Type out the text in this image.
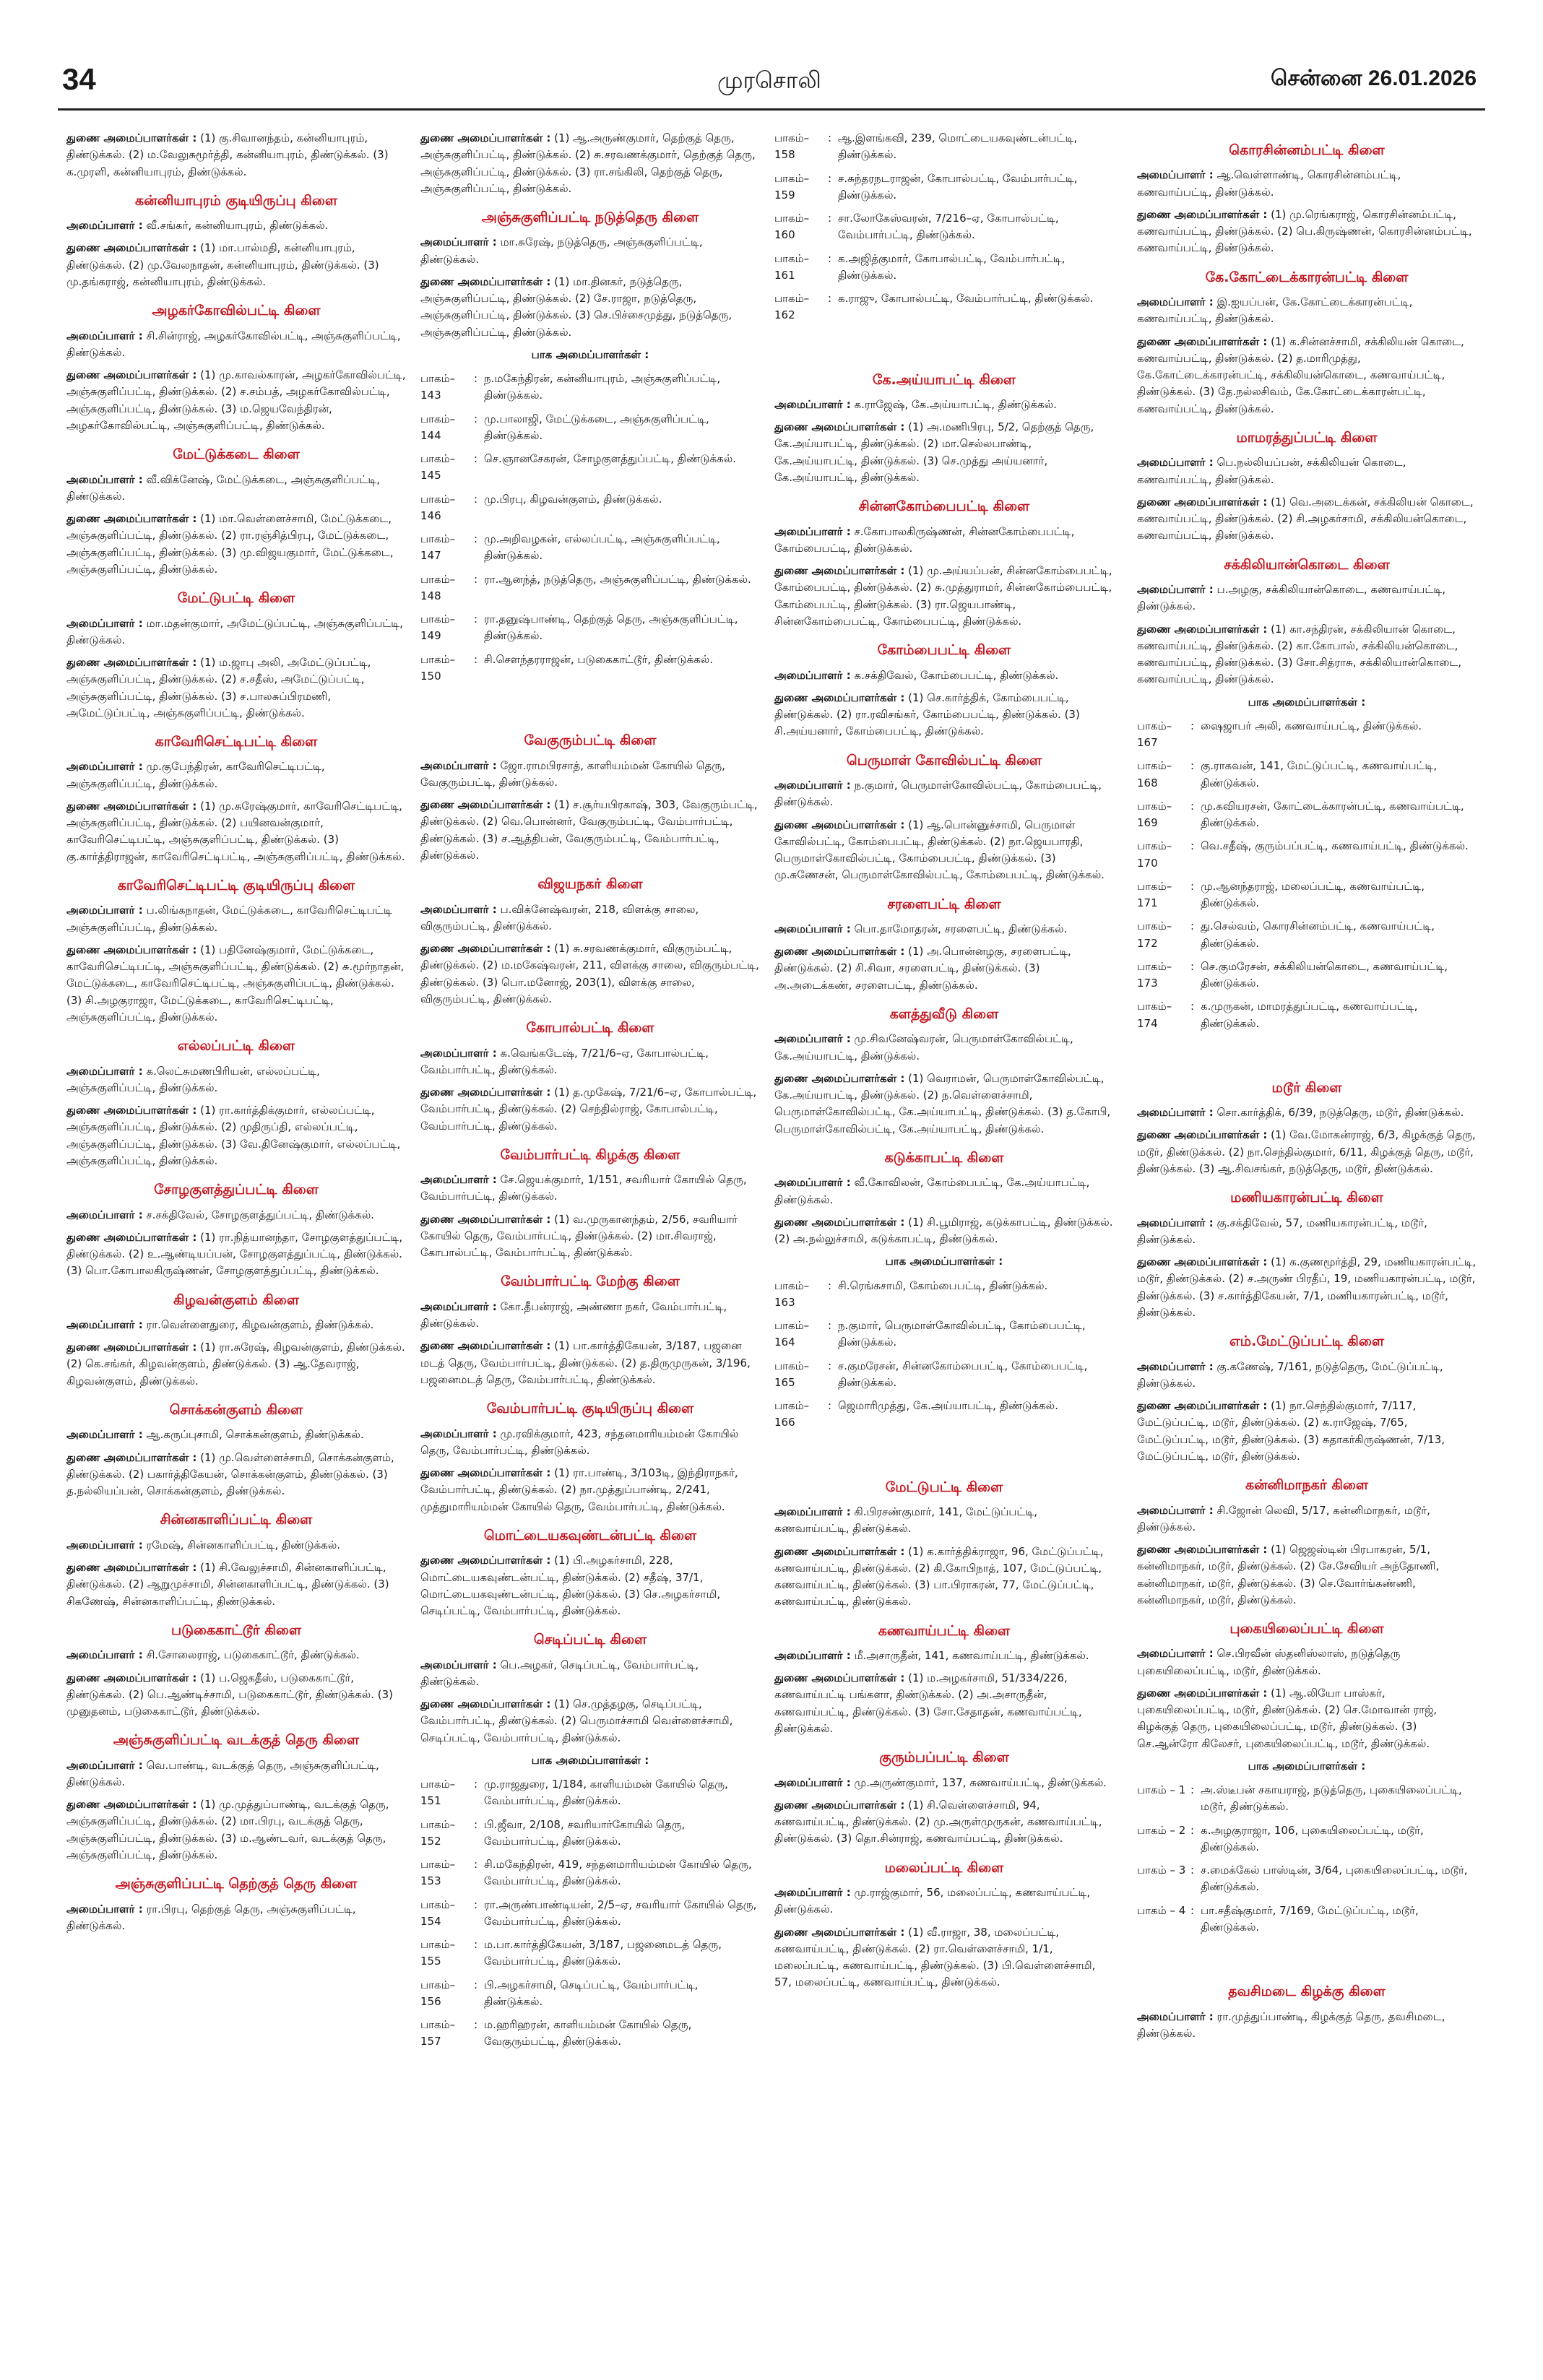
34	முரசொலி	சென்னை 26.01.2026
துணை அமைப்பாளர்கள் : (1) கு.சிவானந்தம், கன்னியாபுரம், திண்டுக்கல். (2) ம.வேலுசுமூர்த்தி, கன்னியாபுரம், திண்டுக்கல். (3) க.முரளி, கன்னியாபுரம், திண்டுக்கல்.
கன்னியாபுரம் குடியிருப்பு கிளை
அமைப்பாளர் : வீ.சங்கர், கன்னியாபுரம், திண்டுக்கல்.
துணை அமைப்பாளர்கள் : (1) மா.பால்மதி, கன்னியாபுரம், திண்டுக்கல். (2) மு.வேலநாதன், கன்னியாபுரம், திண்டுக்கல். (3) மு.தங்கராஜ், கன்னியாபுரம், திண்டுக்கல்.
அழகர்கோவில்பட்டி கிளை
அமைப்பாளர் : சி.சின்ராஜ், அழகர்கோவில்பட்டி, அஞ்சுகுளிப்பட்டி, திண்டுக்கல்.
துணை அமைப்பாளர்கள் : (1) மு.காவல்காரன், அழகர்கோவில்பட்டி, அஞ்சுகுளிப்பட்டி, திண்டுக்கல். (2) ச.சம்பத், அழகர்கோவில்பட்டி, அஞ்சுகுளிப்பட்டி, திண்டுக்கல். (3) ம.ஜெயவேந்திரன், அழகர்கோவில்பட்டி, அஞ்சுகுளிப்பட்டி, திண்டுக்கல்.
மேட்டுக்கடை கிளை
அமைப்பாளர் : வீ.விக்னேஷ், மேட்டுக்கடை, அஞ்சுகுளிப்பட்டி, திண்டுக்கல்.
துணை அமைப்பாளர்கள் : (1) மா.வெள்ளைச்சாமி, மேட்டுக்கடை, அஞ்சுகுளிப்பட்டி, திண்டுக்கல். (2) ரா.ரஞ்சித்பிரபு, மேட்டுக்கடை, அஞ்சுகுளிப்பட்டி, திண்டுக்கல். (3) மு.விஜயகுமார், மேட்டுக்கடை, அஞ்சுகுளிப்பட்டி, திண்டுக்கல்.
மேட்டுபட்டி கிளை
அமைப்பாளர் : மா.மதன்குமார், அமேட்டுப்பட்டி, அஞ்சுகுளிப்பட்டி, திண்டுக்கல்.
துணை அமைப்பாளர்கள் : (1) ம.ஜாபு அலி, அமேட்டுப்பட்டி, அஞ்சுகுளிப்பட்டி, திண்டுக்கல். (2) ச.சதீஸ், அமேட்டுப்பட்டி, அஞ்சுகுளிப்பட்டி, திண்டுக்கல். (3) ச.பாலசுப்பிரமணி, அமேட்டுப்பட்டி, அஞ்சுகுளிப்பட்டி, திண்டுக்கல்.
காவேரிசெட்டிபட்டி கிளை
அமைப்பாளர் : மு.குபேந்திரன், காவேரிசெட்டிபட்டி, அஞ்சுகுளிப்பட்டி, திண்டுக்கல்.
துணை அமைப்பாளர்கள் : (1) மு.சுரேஷ்குமார், காவேரிசெட்டிபட்டி, அஞ்சுகுளிப்பட்டி, திண்டுக்கல். (2) பயினவன்குமார், காவேரிசெட்டிபட்டி, அஞ்சுகுளிப்பட்டி, திண்டுக்கல். (3) கு.கார்த்திராஜன், காவேரிசெட்டிபட்டி, அஞ்சுகுளிப்பட்டி, திண்டுக்கல்.
காவேரிசெட்டிபட்டி குடியிருப்பு கிளை
அமைப்பாளர் : ப.லிங்கநாதன், மேட்டுக்கடை, காவேரிசெட்டிபட்டி அஞ்சுகுளிப்பட்டி, திண்டுக்கல்.
துணை அமைப்பாளர்கள் : (1) பதினேஷ்குமார், மேட்டுக்கடை, காவேரிசெட்டிபட்டி, அஞ்சுகுளிப்பட்டி, திண்டுக்கல். (2) சு.மூர்நாதன், மேட்டுக்கடை, காவேரிசெட்டிபட்டி, அஞ்சுகுளிப்பட்டி, திண்டுக்கல். (3) சி.அழகுராஜா, மேட்டுக்கடை, காவேரிசெட்டிபட்டி, அஞ்சுகுளிப்பட்டி, திண்டுக்கல்.
எல்லப்பட்டி கிளை
அமைப்பாளர் : க.லெட்சுமணபிரியன், எல்லப்பட்டி, அஞ்சுகுளிப்பட்டி, திண்டுக்கல்.
துணை அமைப்பாளர்கள் : (1) ரா.கார்த்திக்குமார், எல்லப்பட்டி, அஞ்சுகுளிப்பட்டி, திண்டுக்கல். (2) முதிருப்தி, எல்லப்பட்டி, அஞ்சுகுளிப்பட்டி, திண்டுக்கல். (3) வே.தினேஷ்குமார், எல்லப்பட்டி, அஞ்சுகுளிப்பட்டி, திண்டுக்கல்.
சோழகுளத்துப்பட்டி கிளை
அமைப்பாளர் : ச.சக்திவேல், சோழகுளத்துப்பட்டி, திண்டுக்கல்.
துணை அமைப்பாளர்கள் : (1) ரா.நித்யானந்தா, சோழகுளத்துப்பட்டி, திண்டுக்கல். (2) உ.ஆண்டியப்பன், சோழகுளத்துப்பட்டி, திண்டுக்கல். (3) பொ.கோபாலகிருஷ்ணன், சோழகுளத்துப்பட்டி, திண்டுக்கல்.
கிழவன்குளம் கிளை
அமைப்பாளர் : ரா.வெள்ளைதுரை, கிழவன்குளம், திண்டுக்கல்.
துணை அமைப்பாளர்கள் : (1) ரா.சுரேஷ், கிழவன்குளம், திண்டுக்கல். (2) கெ.சங்கர், கிழவன்குளம், திண்டுக்கல். (3) ஆ.தேவராஜ், கிழவன்குளம், திண்டுக்கல்.
சொக்கன்குளம் கிளை
அமைப்பாளர் : ஆ.கருப்புசாமி, சொக்கன்குளம், திண்டுக்கல்.
துணை அமைப்பாளர்கள் : (1) மு.வெள்ளைச்சாமி, சொக்கன்குளம், திண்டுக்கல். (2) பகார்த்திகேயன், சொக்கன்குளம், திண்டுக்கல். (3) த.நல்லியப்பன், சொக்கன்குளம், திண்டுக்கல்.
சின்னகாளிப்பட்டி கிளை
அமைப்பாளர் : ரமேஷ், சின்னகாளிப்பட்டி, திண்டுக்கல்.
துணை அமைப்பாளர்கள் : (1) சி.வேலுச்சாமி, சின்னகாளிப்பட்டி, திண்டுக்கல். (2) ஆறுமுச்சாமி, சின்னகாளிப்பட்டி, திண்டுக்கல். (3) சிகணேஷ், சின்னகாளிப்பட்டி, திண்டுக்கல்.
படுகைகாட்டூர் கிளை
அமைப்பாளர் : சி.சோலைராஜ், படுகைகாட்டூர், திண்டுக்கல்.
துணை அமைப்பாளர்கள் : (1) ப.ஜெகதீஸ், படுகைகாட்டூர், திண்டுக்கல். (2) பெ.ஆண்டிச்சாமி, படுகைகாட்டூர், திண்டுக்கல். (3) முனுதனம், படுகைகாட்டூர், திண்டுக்கல்.
அஞ்சுகுளிப்பட்டி வடக்குத் தெரு கிளை
அமைப்பாளர் : வெ.பாண்டி, வடக்குத் தெரு, அஞ்சுகுளிப்பட்டி, திண்டுக்கல்.
துணை அமைப்பாளர்கள் : (1) மு.முத்துப்பாண்டி, வடக்குத் தெரு, அஞ்சுகுளிப்பட்டி, திண்டுக்கல். (2) மா.பிரபு, வடக்குத் தெரு, அஞ்சுகுளிப்பட்டி, திண்டுக்கல். (3) ம.ஆண்டவர், வடக்குத் தெரு, அஞ்சுகுளிப்பட்டி, திண்டுக்கல்.
அஞ்சுகுளிப்பட்டி தெற்குத் தெரு கிளை
அமைப்பாளர் : ரா.பிரபு, தெற்குத் தெரு, அஞ்சுகுளிப்பட்டி, திண்டுக்கல்.
துணை அமைப்பாளர்கள் : (1) ஆ.அருண்குமார், தெற்குத் தெரு, அஞ்சுகுளிப்பட்டி, திண்டுக்கல். (2) சு.சரவணக்குமார், தெற்குத் தெரு, அஞ்சுகுளிப்பட்டி, திண்டுக்கல். (3) ரா.சங்கிலி, தெற்குத் தெரு, அஞ்சுகுளிப்பட்டி, திண்டுக்கல்.
அஞ்சுகுளிப்பட்டி நடுத்தெரு கிளை
அமைப்பாளர் : மா.சுரேஷ், நடுத்தெரு, அஞ்சுகுளிப்பட்டி, திண்டுக்கல்.
துணை அமைப்பாளர்கள் : (1) மா.தினகர், நடுத்தெரு, அஞ்சுகுளிப்பட்டி, திண்டுக்கல். (2) சே.ராஜா, நடுத்தெரு, அஞ்சுகுளிப்பட்டி, திண்டுக்கல். (3) செ.பிச்சைமுத்து, நடுத்தெரு, அஞ்சுகுளிப்பட்டி, திண்டுக்கல்.
பாக அமைப்பாளர்கள் :
பாகம்– 143
: ந.மகேந்திரன், கன்னியாபுரம், அஞ்சுகுளிப்பட்டி, திண்டுக்கல்.
பாகம்– 144
: மு.பாலாஜி, மேட்டுக்கடை, அஞ்சுகுளிப்பட்டி, திண்டுக்கல்.
பாகம்– 145
: செ.ஞானசேகரன், சோழகுளத்துப்பட்டி, திண்டுக்கல்.
பாகம்– 146
: மு.பிரபு, கிழவன்குளம், திண்டுக்கல்.
பாகம்– 147
: மு.அறிவழகன், எல்லப்பட்டி, அஞ்சுகுளிப்பட்டி, திண்டுக்கல்.
பாகம்– 148
: ரா.ஆனந்த், நடுத்தெரு, அஞ்சுகுளிப்பட்டி, திண்டுக்கல்.
பாகம்– 149
: ரா.தனுஷ்பாண்டி, தெற்குத் தெரு, அஞ்சுகுளிப்பட்டி, திண்டுக்கல்.
பாகம்– 150
: சி.சௌந்தரராஜன், படுகைகாட்டூர், திண்டுக்கல்.
வேகுரும்பட்டி கிளை
அமைப்பாளர் : ஜோ.ராமபிரசாத், காளியம்மன் கோயில் தெரு, வேகுரும்பட்டி, திண்டுக்கல்.
துணை அமைப்பாளர்கள் : (1) ச.சூர்யபிரகாஷ், 303, வேகுரும்பட்டி, திண்டுக்கல். (2) வெ.பொன்னர், வேகுரும்பட்டி, வேம்பார்பட்டி, திண்டுக்கல். (3) ச.ஆத்திபன், வேகுரும்பட்டி, வேம்பார்பட்டி, திண்டுக்கல்.
விஜயநகர் கிளை
அமைப்பாளர் : ப.விக்னேஷ்வரன், 218, விளக்கு சாலை, விகுரும்பட்டி, திண்டுக்கல்.
துணை அமைப்பாளர்கள் : (1) சு.சரவணக்குமார், விகுரும்பட்டி, திண்டுக்கல். (2) ம.மகேஷ்வரன், 211, விளக்கு சாலை, விகுரும்பட்டி, திண்டுக்கல். (3) பொ.மனோஜ், 203(1), விளக்கு சாலை, விகுரும்பட்டி, திண்டுக்கல்.
கோபால்பட்டி கிளை
அமைப்பாளர் : க.வெங்கடேஷ், 7/21/6–ஏ, கோபால்பட்டி, வேம்பார்பட்டி, திண்டுக்கல்.
துணை அமைப்பாளர்கள் : (1) த.முகேஷ், 7/21/6–ஏ, கோபால்பட்டி, வேம்பார்பட்டி, திண்டுக்கல். (2) செந்தில்ராஜ், கோபால்பட்டி, வேம்பார்பட்டி, திண்டுக்கல்.
வேம்பார்பட்டி கிழக்கு கிளை
அமைப்பாளர் : சே.ஜெயக்குமார், 1/151, சவரியார் கோயில் தெரு, வேம்பார்பட்டி, திண்டுக்கல்.
துணை அமைப்பாளர்கள் : (1) வ.முருகானந்தம், 2/56, சவரியார் கோயில் தெரு, வேம்பார்பட்டி, திண்டுக்கல். (2) மா.சிவராஜ், கோபால்பட்டி, வேம்பார்பட்டி, திண்டுக்கல்.
வேம்பார்பட்டி மேற்கு கிளை
அமைப்பாளர் : கோ.தீபன்ராஜ், அண்ணா நகர், வேம்பார்பட்டி, திண்டுக்கல்.
துணை அமைப்பாளர்கள் : (1) பா.கார்த்திகேயன், 3/187, பஜனை மடத் தெரு, வேம்பார்பட்டி, திண்டுக்கல். (2) த.திருமுருகன், 3/196, பஜனைமடத் தெரு, வேம்பார்பட்டி, திண்டுக்கல்.
வேம்பார்பட்டி குடியிருப்பு கிளை
அமைப்பாளர் : மு.ரவிக்குமார், 423, சந்தனமாரியம்மன் கோயில் தெரு, வேம்பார்பட்டி, திண்டுக்கல்.
துணை அமைப்பாளர்கள் : (1) ரா.பாண்டி, 3/103டி, இந்திராநகர், வேம்பார்பட்டி, திண்டுக்கல். (2) நா.முத்துப்பாண்டி, 2/241, முத்துமாரியம்மன் கோயில் தெரு, வேம்பார்பட்டி, திண்டுக்கல்.
மொட்டையகவுண்டன்பட்டி கிளை
துணை அமைப்பாளர்கள் : (1) பி.அழகர்சாமி, 228, மொட்டையகவுண்டன்பட்டி, திண்டுக்கல். (2) சதீஷ், 37/1, மொட்டையகவுண்டன்பட்டி, திண்டுக்கல். (3) செ.அழகர்சாமி, செடிப்பட்டி, வேம்பார்பட்டி, திண்டுக்கல்.
செடிப்பட்டி கிளை
அமைப்பாளர் : பெ.அழகர், செடிப்பட்டி, வேம்பார்பட்டி, திண்டுக்கல்.
துணை அமைப்பாளர்கள் : (1) செ.முத்தழகு, செடிப்பட்டி, வேம்பார்பட்டி, திண்டுக்கல். (2) பெருமாச்சாமி வெள்ளைச்சாமி, செடிப்பட்டி, வேம்பார்பட்டி, திண்டுக்கல்.
பாக அமைப்பாளர்கள் :
பாகம்– 151
: மு.ராஜதுரை, 1/184, காளியம்மன் கோயில் தெரு, வேம்பார்பட்டி, திண்டுக்கல்.
பாகம்– 152
: பி.ஜீவா, 2/108, சவரியார்கோயில் தெரு, வேம்பார்பட்டி, திண்டுக்கல்.
பாகம்– 153
: சி.மகேந்திரன், 419, சந்தனமாரியம்மன் கோயில் தெரு, வேம்பார்பட்டி, திண்டுக்கல்.
பாகம்– 154
: ரா.அருண்பாண்டியன், 2/5–ஏ, சவரியார் கோயில் தெரு, வேம்பார்பட்டி, திண்டுக்கல்.
பாகம்– 155
: ம.பா.கார்த்திகேயன், 3/187, பஜனைமடத் தெரு, வேம்பார்பட்டி, திண்டுக்கல்.
பாகம்– 156
: பி.அழகர்சாமி, செடிப்பட்டி, வேம்பார்பட்டி, திண்டுக்கல்.
பாகம்– 157
: ம.ஹரிஹரன், காளியம்மன் கோயில் தெரு, வேகுரும்பட்டி, திண்டுக்கல்.
பாகம்– 158
: ஆ.இளங்கவி, 239, மொட்டையகவுண்டன்பட்டி, திண்டுக்கல்.
பாகம்– 159
: ச.சுந்தரநடராஜன், கோபால்பட்டி, வேம்பார்பட்டி, திண்டுக்கல்.
பாகம்– 160
: சா.லோகேஸ்வரன், 7/216–ஏ, கோபால்பட்டி, வேம்பார்பட்டி, திண்டுக்கல்.
பாகம்– 161
: க.அஜித்குமார், கோபால்பட்டி, வேம்பார்பட்டி, திண்டுக்கல்.
பாகம்– 162
: க.ராஜு, கோபால்பட்டி, வேம்பார்பட்டி, திண்டுக்கல்.
கே.அய்யாபட்டி கிளை
அமைப்பாளர் : க.ராஜேஷ், கே.அய்யாபட்டி, திண்டுக்கல்.
துணை அமைப்பாளர்கள் : (1) அ.மணிபிரபு, 5/2, தெற்குத் தெரு, கே.அய்யாபட்டி, திண்டுக்கல். (2) மா.செல்லபாண்டி, கே.அய்யாபட்டி, திண்டுக்கல். (3) செ.முத்து அய்யனார், கே.அய்யாபட்டி, திண்டுக்கல்.
சின்னகோம்பைபட்டி கிளை
அமைப்பாளர் : ச.கோபாலகிருஷ்ணன், சின்னகோம்பைபட்டி, கோம்பைபட்டி, திண்டுக்கல்.
துணை அமைப்பாளர்கள் : (1) மு.அய்யப்பன், சின்னகோம்பைபட்டி, கோம்பைபட்டி, திண்டுக்கல். (2) சு.முத்துராமர், சின்னகோம்பைபட்டி, கோம்பைபட்டி, திண்டுக்கல். (3) ரா.ஜெயபாண்டி, சின்னகோம்பைபட்டி, கோம்பைபட்டி, திண்டுக்கல்.
கோம்பைபட்டி கிளை
அமைப்பாளர் : க.சக்திவேல், கோம்பைபட்டி, திண்டுக்கல்.
துணை அமைப்பாளர்கள் : (1) செ.கார்த்திக், கோம்பைபட்டி, திண்டுக்கல். (2) ரா.ரவிசங்கர், கோம்பைபட்டி, திண்டுக்கல். (3) சி.அய்யனார், கோம்பைபட்டி, திண்டுக்கல்.
பெருமாள் கோவில்பட்டி கிளை
அமைப்பாளர் : ந.குமார், பெருமாள்கோவில்பட்டி, கோம்பைபட்டி, திண்டுக்கல்.
துணை அமைப்பாளர்கள் : (1) ஆ.பொன்னுச்சாமி, பெருமாள் கோவில்பட்டி, கோம்பைபட்டி, திண்டுக்கல். (2) நா.ஜெயபாரதி, பெருமாள்கோவில்பட்டி, கோம்பைபட்டி, திண்டுக்கல். (3) மு.சுணேசன், பெருமாள்கோவில்பட்டி, கோம்பைபட்டி, திண்டுக்கல்.
சரளைபட்டி கிளை
அமைப்பாளர் : பொ.தாமோதரன், சரளைபட்டி, திண்டுக்கல்.
துணை அமைப்பாளர்கள் : (1) அ.பொன்னழகு, சரளைபட்டி, திண்டுக்கல். (2) சி.சிவா, சரளைபட்டி, திண்டுக்கல். (3) அ.அடைக்கண், சரளைபட்டி, திண்டுக்கல்.
களத்துவீடு கிளை
அமைப்பாளர் : மு.சிவனேஷ்வரன், பெருமாள்கோவில்பட்டி, கே.அய்யாபட்டி, திண்டுக்கல்.
துணை அமைப்பாளர்கள் : (1) வெராமன், பெருமாள்கோவில்பட்டி, கே.அய்யாபட்டி, திண்டுக்கல். (2) ந.வெள்ளைச்சாமி, பெருமாள்கோவில்பட்டி, கே.அய்யாபட்டி, திண்டுக்கல். (3) த.கோபி, பெருமாள்கோவில்பட்டி, கே.அய்யாபட்டி, திண்டுக்கல்.
கடுக்காபட்டி கிளை
அமைப்பாளர் : வீ.கோவிலன், கோம்பைபட்டி, கே.அய்யாபட்டி, திண்டுக்கல்.
துணை அமைப்பாளர்கள் : (1) சி.பூமிராஜ், கடுக்காபட்டி, திண்டுக்கல். (2) அ.நல்லுச்சாமி, கடுக்காபட்டி, திண்டுக்கல்.
பாக அமைப்பாளர்கள் :
பாகம்– 163
: சி.ரெங்கசாமி, கோம்பைபட்டி, திண்டுக்கல்.
பாகம்– 164
: ந.குமார், பெருமாள்கோவில்பட்டி, கோம்பைபட்டி, திண்டுக்கல்.
பாகம்– 165
: ச.குமரேசன், சின்னகோம்பைபட்டி, கோம்பைபட்டி, திண்டுக்கல்.
பாகம்– 166
: ஜெமாரிமுத்து, கே.அய்யாபட்டி, திண்டுக்கல்.
மேட்டுபட்டி கிளை
அமைப்பாளர் : கி.பிரசண்குமார், 141, மேட்டுப்பட்டி, கணவாய்பட்டி, திண்டுக்கல்.
துணை அமைப்பாளர்கள் : (1) க.கார்த்திக்ராஜா, 96, மேட்டுப்பட்டி, கணவாய்பட்டி, திண்டுக்கல். (2) கி.கோபிநாத், 107, மேட்டுப்பட்டி, கணவாய்பட்டி, திண்டுக்கல். (3) பா.பிராகரன், 77, மேட்டுப்பட்டி, கணவாய்பட்டி, திண்டுக்கல்.
கணவாய்பட்டி கிளை
அமைப்பாளர் : மீ.அசாருதீன், 141, கணவாய்பட்டி, திண்டுக்கல்.
துணை அமைப்பாளர்கள் : (1) ம.அழகர்சாமி, 51/334/226, கணவாய்பட்டி பங்களா, திண்டுக்கல். (2) அ.அசாருதீன், கணவாய்பட்டி, திண்டுக்கல். (3) சோ.சேதாதன், கணவாய்பட்டி, திண்டுக்கல்.
குரும்பப்பட்டி கிளை
அமைப்பாளர் : மு.அருண்குமார், 137, சுணவாய்பட்டி, திண்டுக்கல்.
துணை அமைப்பாளர்கள் : (1) சி.வெள்ளைச்சாமி, 94, கணவாய்பட்டி, திண்டுக்கல். (2) மு.அருள்முருகன், கணவாய்பட்டி, திண்டுக்கல். (3) தொ.சின்ராஜ், கணவாய்பட்டி, திண்டுக்கல்.
மலைப்பட்டி கிளை
அமைப்பாளர் : மு.ராஜ்குமார், 56, மலைப்பட்டி, கணவாய்பட்டி, திண்டுக்கல்.
துணை அமைப்பாளர்கள் : (1) வீ.ராஜா, 38, மலைப்பட்டி, கணவாய்பட்டி, திண்டுக்கல். (2) ரா.வெள்ளைச்சாமி, 1/1, மலைப்பட்டி, கணவாய்பட்டி, திண்டுக்கல். (3) பி.வெள்ளைச்சாமி, 57, மலைப்பட்டி, கணவாய்பட்டி, திண்டுக்கல்.
கொரசின்னம்பட்டி கிளை
அமைப்பாளர் : ஆ.வெள்ளாண்டி, கொரசின்னம்பட்டி, கணவாய்பட்டி, திண்டுக்கல்.
துணை அமைப்பாளர்கள் : (1) மு.ரெங்கராஜ், கொரசின்னம்பட்டி, கணவாய்பட்டி, திண்டுக்கல். (2) பெ.கிருஷ்ணன், கொரசின்னம்பட்டி, கணவாய்பட்டி, திண்டுக்கல்.
கே.கோட்டைக்காரன்பட்டி கிளை
அமைப்பாளர் : இ.ஐயப்பன், கே.கோட்டைக்காரன்பட்டி, கணவாய்பட்டி, திண்டுக்கல்.
துணை அமைப்பாளர்கள் : (1) க.சின்னச்சாமி, சக்கிலியன் கொடை, கணவாய்பட்டி, திண்டுக்கல். (2) த.மாரிமுத்து, கே.கோட்டைக்காரன்பட்டி, சக்கிலியன்கொடை, கணவாய்பட்டி, திண்டுக்கல். (3) தே.நல்லசிவம், கே.கோட்டைக்காரன்பட்டி, கணவாய்பட்டி, திண்டுக்கல்.
மாமரத்துப்பட்டி கிளை
அமைப்பாளர் : பெ.நல்லியப்பன், சக்கிலியன் கொடை, கணவாய்பட்டி, திண்டுக்கல்.
துணை அமைப்பாளர்கள் : (1) வெ.அடைக்கன், சக்கிலியன் கொடை, கணவாய்பட்டி, திண்டுக்கல். (2) சி.அழகர்சாமி, சக்கிலியன்கொடை, கணவாய்பட்டி, திண்டுக்கல்.
சக்கிலியான்கொடை கிளை
அமைப்பாளர் : ப.அழகு, சக்கிலியான்கொடை, கணவாய்பட்டி, திண்டுக்கல்.
துணை அமைப்பாளர்கள் : (1) கா.சந்திரன், சக்கிலியான் கொடை, கணவாய்பட்டி, திண்டுக்கல். (2) கா.கோபால், சக்கிலியன்கொடை, கணவாய்பட்டி, திண்டுக்கல். (3) சோ.சித்ராசு, சக்கிலியான்கொடை, கணவாய்பட்டி, திண்டுக்கல்.
பாக அமைப்பாளர்கள் :
பாகம்– 167
: ஷைஜாபர் அலி, கணவாய்பட்டி, திண்டுக்கல்.
பாகம்– 168
: கு.ராகவன், 141, மேட்டுப்பட்டி, கணவாய்பட்டி, திண்டுக்கல்.
பாகம்– 169
: மு.கவியரசன், கோட்டைக்காரன்பட்டி, கணவாய்பட்டி, திண்டுக்கல்.
பாகம்– 170
: வெ.சதீஷ், குரும்பப்பட்டி, கணவாய்பட்டி, திண்டுக்கல்.
பாகம்– 171
: மு.ஆனந்தராஜ், மலைப்பட்டி, கணவாய்பட்டி, திண்டுக்கல்.
பாகம்– 172
: து.செல்வம், கொரசின்னம்பட்டி, கணவாய்பட்டி, திண்டுக்கல்.
பாகம்– 173
: செ.குமரேசன், சக்கிலியன்கொடை, கணவாய்பட்டி, திண்டுக்கல்.
பாகம்– 174
: க.முருகன், மாமரத்துப்பட்டி, கணவாய்பட்டி, திண்டுக்கல்.
மடூர் கிளை
அமைப்பாளர் : சொ.கார்த்திக், 6/39, நடுத்தெரு, மடூர், திண்டுக்கல்.
துணை அமைப்பாளர்கள் : (1) வே.மோகன்ராஜ், 6/3, கிழக்குத் தெரு, மடூர், திண்டுக்கல். (2) நா.செந்தில்குமார், 6/11, கிழக்குத் தெரு, மடூர், திண்டுக்கல். (3) ஆ.சிவசங்கர், நடுத்தெரு, மடூர், திண்டுக்கல்.
மணியகாரன்பட்டி கிளை
அமைப்பாளர் : கு.சக்திவேல், 57, மணியகாரன்பட்டி, மடூர், திண்டுக்கல்.
துணை அமைப்பாளர்கள் : (1) க.குணமூர்த்தி, 29, மணியகாரன்பட்டி, மடூர், திண்டுக்கல். (2) ச.அருண் பிரதீப், 19, மணியகாரன்பட்டி, மடூர், திண்டுக்கல். (3) ச.கார்த்திகேயன், 7/1, மணியகாரன்பட்டி, மடூர், திண்டுக்கல்.
எம்.மேட்டுப்பட்டி கிளை
அமைப்பாளர் : கு.கணேஷ், 7/161, நடுத்தெரு, மேட்டுப்பட்டி, திண்டுக்கல்.
துணை அமைப்பாளர்கள் : (1) நா.செந்தில்குமார், 7/117, மேட்டுப்பட்டி, மடூர், திண்டுக்கல். (2) க.ராஜேஷ், 7/65, மேட்டுப்பட்டி, மடூர், திண்டுக்கல். (3) சுதாகர்கிருஷ்ணன், 7/13, மேட்டுப்பட்டி, மடூர், திண்டுக்கல்.
கன்னிமாநகர் கிளை
அமைப்பாளர் : சி.ஜோன் லெவி, 5/17, கன்னிமாநகர், மடூர், திண்டுக்கல்.
துணை அமைப்பாளர்கள் : (1) ஜெஜஸ்டின் பிரபாகரன், 5/1, கன்னிமாநகர், மடூர், திண்டுக்கல். (2) சே.சேவியர் அந்தோணி, கன்னிமாநகர், மடூர், திண்டுக்கல். (3) செ.வோர்ங்கண்ணி, கன்னிமாநகர், மடூர், திண்டுக்கல்.
புகையிலைப்பட்டி கிளை
அமைப்பாளர் : செ.பிரவீன் ஸ்தனிஸ்லாஸ், நடுத்தெரு புகையிலைப்பட்டி, மடூர், திண்டுக்கல்.
துணை அமைப்பாளர்கள் : (1) ஆ.லியோ பாஸ்கர், புகையிலைப்பட்டி, மடூர், திண்டுக்கல். (2) செ.மோவான் ராஜ், கிழக்குத் தெரு, புகையிலைப்பட்டி, மடூர், திண்டுக்கல். (3) செ.ஆன்ரோ கிலேசர், புகையிலைப்பட்டி, மடூர், திண்டுக்கல்.
பாக அமைப்பாளர்கள் :
பாகம் – 1 : அ.ஸ்டீபன் சகாயராஜ், நடுத்தெரு, புகையிலைப்பட்டி, மடூர், திண்டுக்கல்.
பாகம் – 2 : க.அழகுராஜா, 106, புகையிலைப்பட்டி, மடூர், திண்டுக்கல்.
பாகம் – 3 : ச.மைக்கேல் பாஸ்டின், 3/64, புகையிலைப்பட்டி, மடூர், திண்டுக்கல்.
பாகம் – 4 : பா.சதீஷ்குமார், 7/169, மேட்டுப்பட்டி, மடூர், திண்டுக்கல்.
தவசிமடை கிழக்கு கிளை
அமைப்பாளர் : ரா.முத்துப்பாண்டி, கிழக்குத் தெரு, தவசிமடை, திண்டுக்கல்.
